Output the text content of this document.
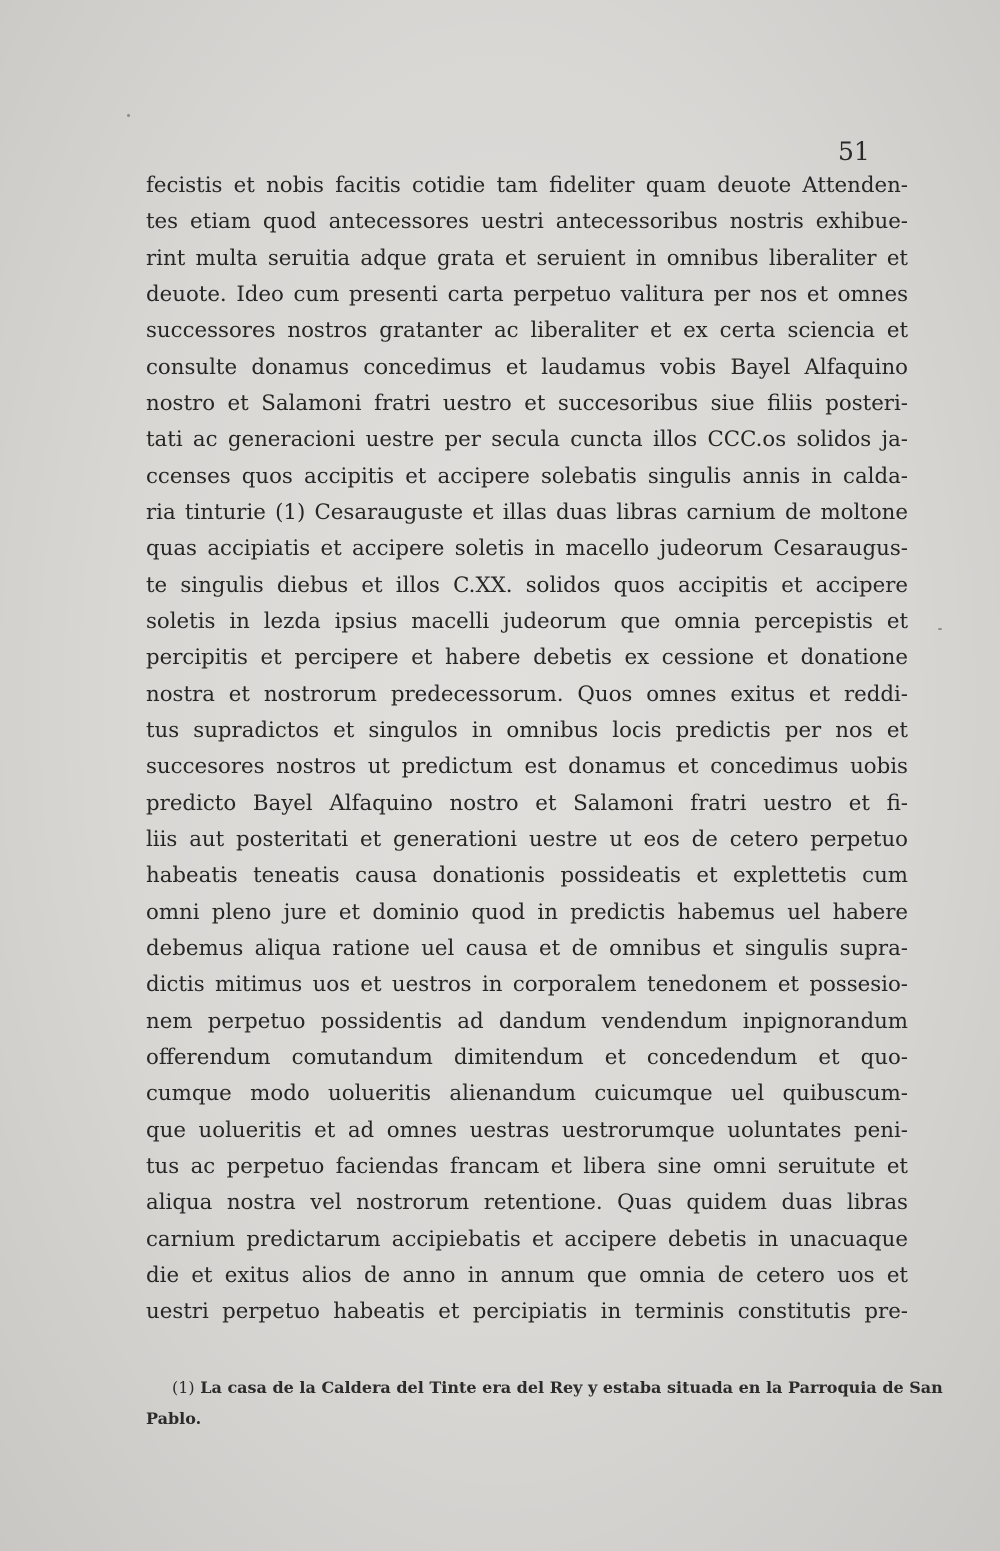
51
fecistis et nobis facitis cotidie tam fideliter quam deuote Attenden-
tes etiam quod antecessores uestri antecessoribus nostris exhibue-
rint multa seruitia adque grata et seruient in omnibus liberaliter et
deuote. Ideo cum presenti carta perpetuo valitura per nos et omnes
successores nostros gratanter ac liberaliter et ex certa sciencia et
consulte donamus concedimus et laudamus vobis Bayel Alfaquino
nostro et Salamoni fratri uestro et succesoribus siue filiis posteri-
tati ac generacioni uestre per secula cuncta illos CCC.os solidos ja-
ccenses quos accipitis et accipere solebatis singulis annis in calda-
ria tinturie (1) Cesarauguste et illas duas libras carnium de moltone
quas accipiatis et accipere soletis in macello judeorum Cesaraugus-
te singulis diebus et illos C.XX. solidos quos accipitis et accipere
soletis in lezda ipsius macelli judeorum que omnia percepistis et
percipitis et percipere et habere debetis ex cessione et donatione
nostra et nostrorum predecessorum. Quos omnes exitus et reddi-
tus supradictos et singulos in omnibus locis predictis per nos et
succesores nostros ut predictum est donamus et concedimus uobis
predicto Bayel Alfaquino nostro et Salamoni fratri uestro et fi-
liis aut posteritati et generationi uestre ut eos de cetero perpetuo
habeatis teneatis causa donationis possideatis et explettetis cum
omni pleno jure et dominio quod in predictis habemus uel habere
debemus aliqua ratione uel causa et de omnibus et singulis supra-
dictis mitimus uos et uestros in corporalem tenedonem et possesio-
nem perpetuo possidentis ad dandum vendendum inpignorandum
offerendum comutandum dimitendum et concedendum et quo-
cumque modo uolueritis alienandum cuicumque uel quibuscum-
que uolueritis et ad omnes uestras uestrorumque uoluntates peni-
tus ac perpetuo faciendas francam et libera sine omni seruitute et
aliqua nostra vel nostrorum retentione. Quas quidem duas libras
carnium predictarum accipiebatis et accipere debetis in unacuaque
die et exitus alios de anno in annum que omnia de cetero uos et
uestri perpetuo habeatis et percipiatis in terminis constitutis pre-
(1) La casa de la Caldera del Tinte era del Rey y estaba situada en la Parroquia de San
Pablo.
